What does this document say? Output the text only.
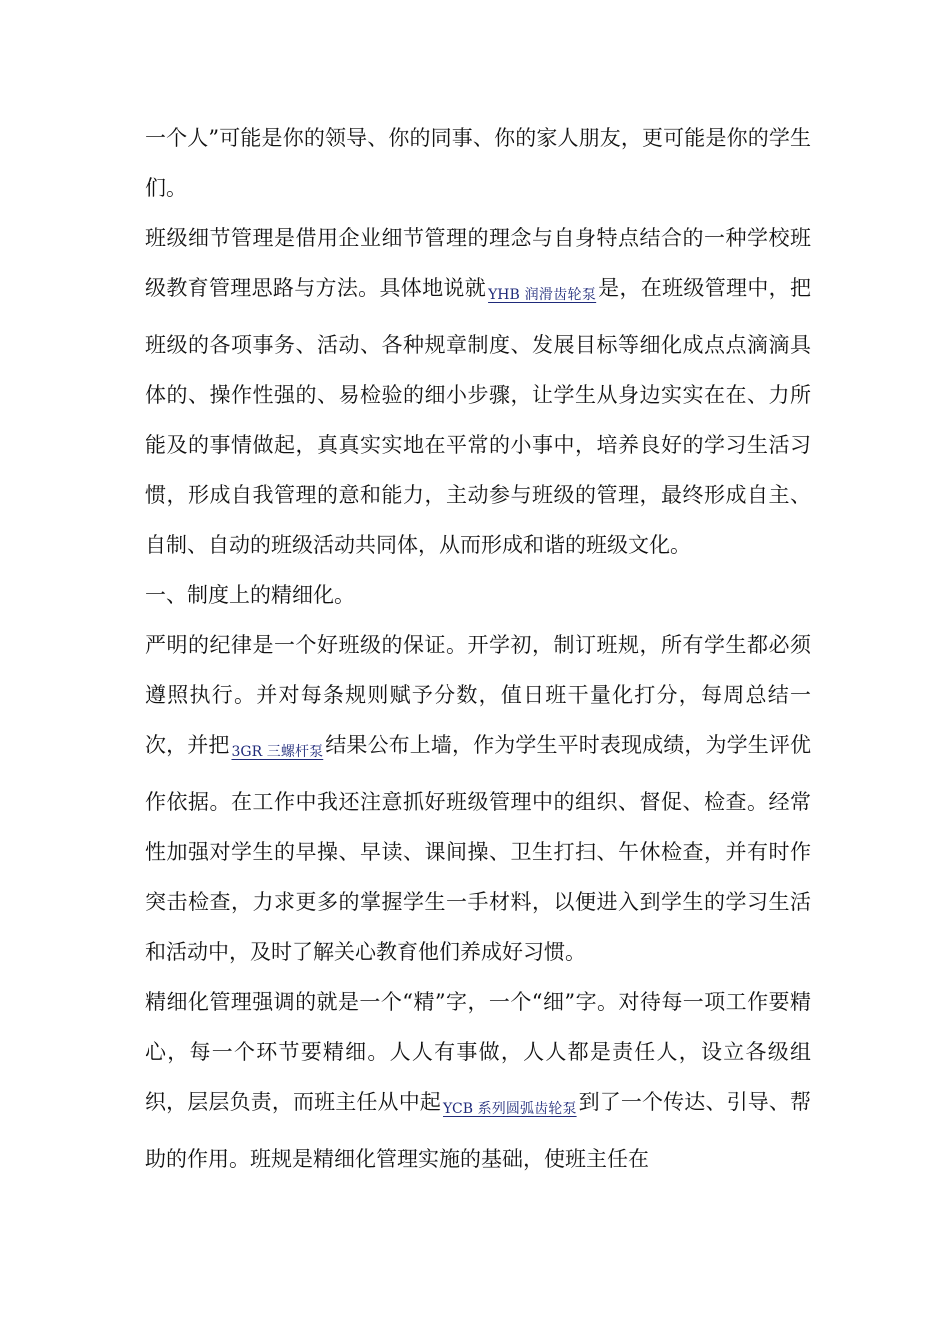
一个人”可能是你的领导、你的同事、你的家人朋友，更可能是你的学生们。

班级细节管理是借用企业细节管理的理念与自身特点结合的一种学校班级教育管理思路与方法。具体地说就 YHB 润滑齿轮泵是，在班级管理中，把班级的各项事务、活动、各种规章制度、发展目标等细化成点点滴滴具体的、操作性强的、易检验的细小步骤，让学生从身边实实在在、力所能及的事情做起，真真实实地在平常的小事中，培养良好的学习生活习惯，形成自我管理的意和能力，主动参与班级的管理，最终形成自主、自制、自动的班级活动共同体，从而形成和谐的班级文化。

一、制度上的精细化。

严明的纪律是一个好班级的保证。开学初，制订班规，所有学生都必须遵照执行。并对每条规则赋予分数，值日班干量化打分，每周总结一次，并把 3GR 三螺杆泵结果公布上墙，作为学生平时表现成绩，为学生评优作依据。在工作中我还注意抓好班级管理中的组织、督促、检查。经常性加强对学生的早操、早读、课间操、卫生打扫、午休检查，并有时作突击检查，力求更多的掌握学生一手材料，以便进入到学生的学习生活和活动中，及时了解关心教育他们养成好习惯。

精细化管理强调的就是一个“精”字，一个“细”字。对待每一项工作要精心，每一个环节要精细。人人有事做，人人都是责任人，设立各级组织，层层负责，而班主任从中起 YCB 系列圆弧齿轮泵到了一个传达、引导、帮助的作用。班规是精细化管理实施的基础，使班主任在
